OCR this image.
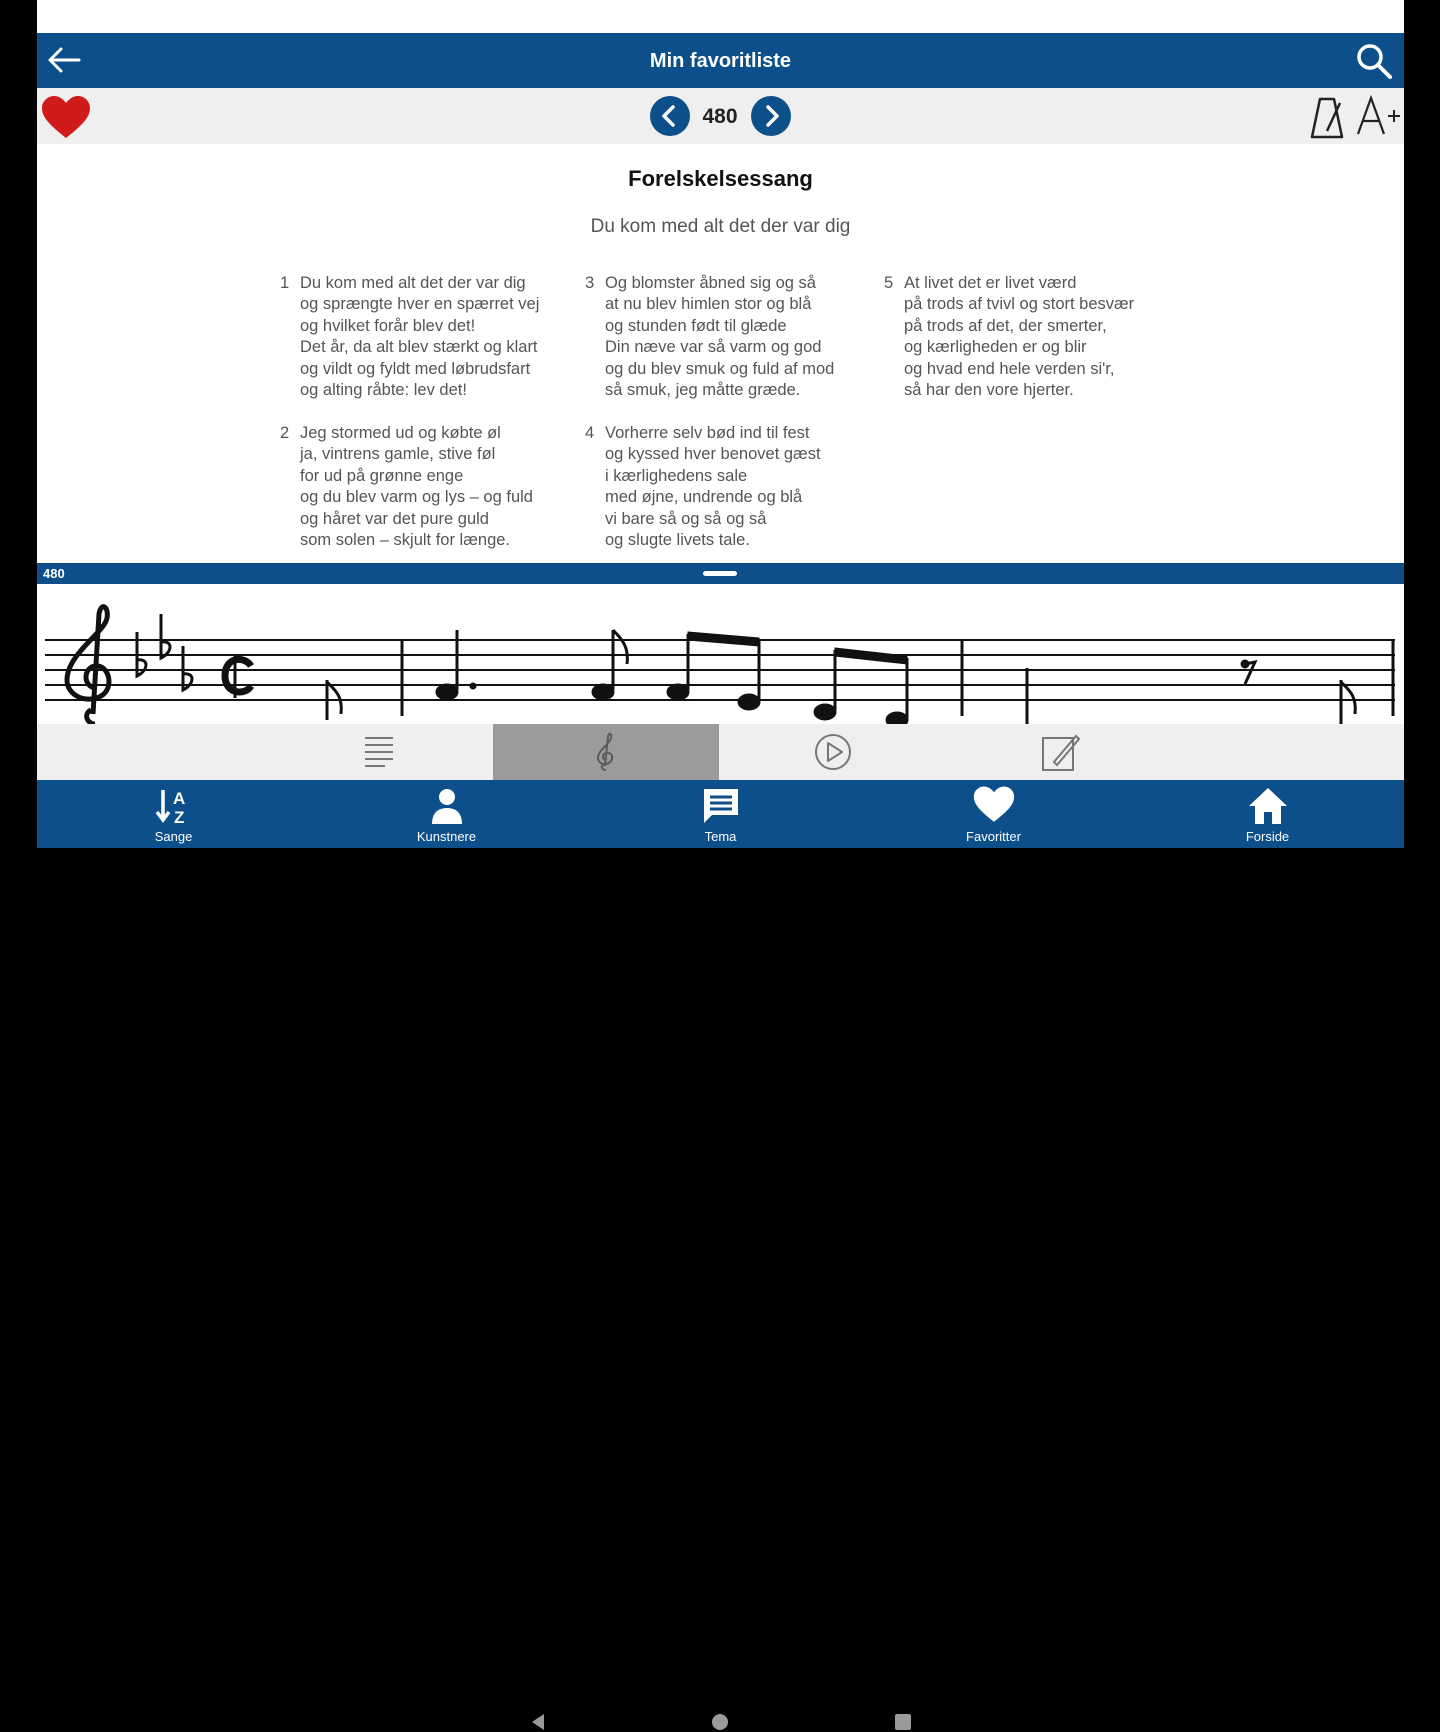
Min favoritliste
480
Forelskelsessang
Du kom med alt det der var dig
1 Du kom med alt det der var dig
og sprængte hver en spærret vej
og hvilket forår blev det!
Det år, da alt blev stærkt og klart
og vildt og fyldt med løbrudsfart
og alting råbte: lev det!
2 Jeg stormed ud og købte øl
ja, vintrens gamle, stive føl
for ud på grønne enge
og du blev varm og lys – og fuld
og håret var det pure guld
som solen – skjult for længe.
3 Og blomster åbned sig og så
at nu blev himlen stor og blå
og stunden født til glæde
Din næve var så varm og god
og du blev smuk og fuld af mod
så smuk, jeg måtte græde.
4 Vorherre selv bød ind til fest
og kyssed hver benovet gæst
i kærlighedens sale
med øjne, undrende og blå
vi bare så og så og så
og slugte livets tale.
5 At livet det er livet værd
på trods af tvivl og stort besvær
på trods af det, der smerter,
og kærligheden er og blir
og hvad end hele verden si'r,
så har den vore hjerter.
480
A
Z
Sange	Kunstnere	Tema	Favoritter	Forside
